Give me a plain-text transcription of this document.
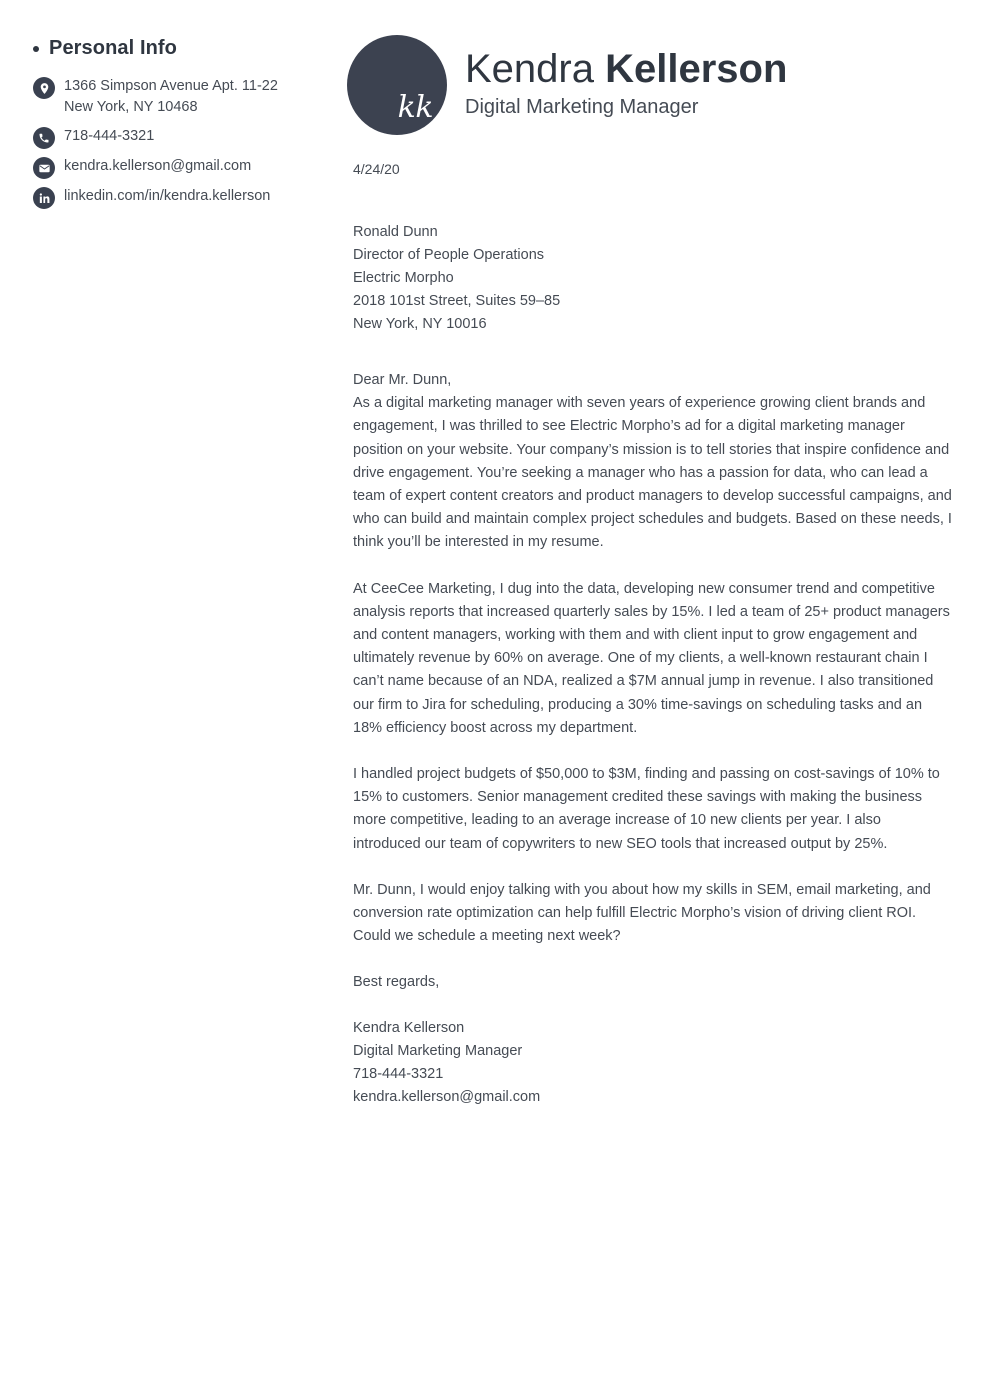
Personal Info
1366 Simpson Avenue Apt. 11-22
New York, NY 10468
718-444-3321
kendra.kellerson@gmail.com
linkedin.com/in/kendra.kellerson
kk
Kendra Kellerson
Digital Marketing Manager
4/24/20
Ronald Dunn
Director of People Operations
Electric Morpho
2018 101st Street, Suites 59–85
New York, NY 10016

Dear Mr. Dunn,

As a digital marketing manager with seven years of experience growing client brands and engagement, I was thrilled to see Electric Morpho’s ad for a digital marketing manager position on your website. Your company’s mission is to tell stories that inspire confidence and drive engagement. You’re seeking a manager who has a passion for data, who can lead a team of expert content creators and product managers to develop successful campaigns, and who can build and maintain complex project schedules and budgets. Based on these needs, I think you’ll be interested in my resume.

At CeeCee Marketing, I dug into the data, developing new consumer trend and competitive analysis reports that increased quarterly sales by 15%. I led a team of 25+ product managers and content managers, working with them and with client input to grow engagement and ultimately revenue by 60% on average. One of my clients, a well-known restaurant chain I can’t name because of an NDA, realized a $7M annual jump in revenue. I also transitioned our firm to Jira for scheduling, producing a 30% time-savings on scheduling tasks and an 18% efficiency boost across my department.

I handled project budgets of $50,000 to $3M, finding and passing on cost-savings of 10% to 15% to customers. Senior management credited these savings with making the business more competitive, leading to an average increase of 10 new clients per year. I also introduced our team of copywriters to new SEO tools that increased output by 25%.

Mr. Dunn, I would enjoy talking with you about how my skills in SEM, email marketing, and conversion rate optimization can help fulfill Electric Morpho’s vision of driving client ROI. Could we schedule a meeting next week?

Best regards,
Kendra Kellerson
Digital Marketing Manager
718-444-3321
kendra.kellerson@gmail.com
